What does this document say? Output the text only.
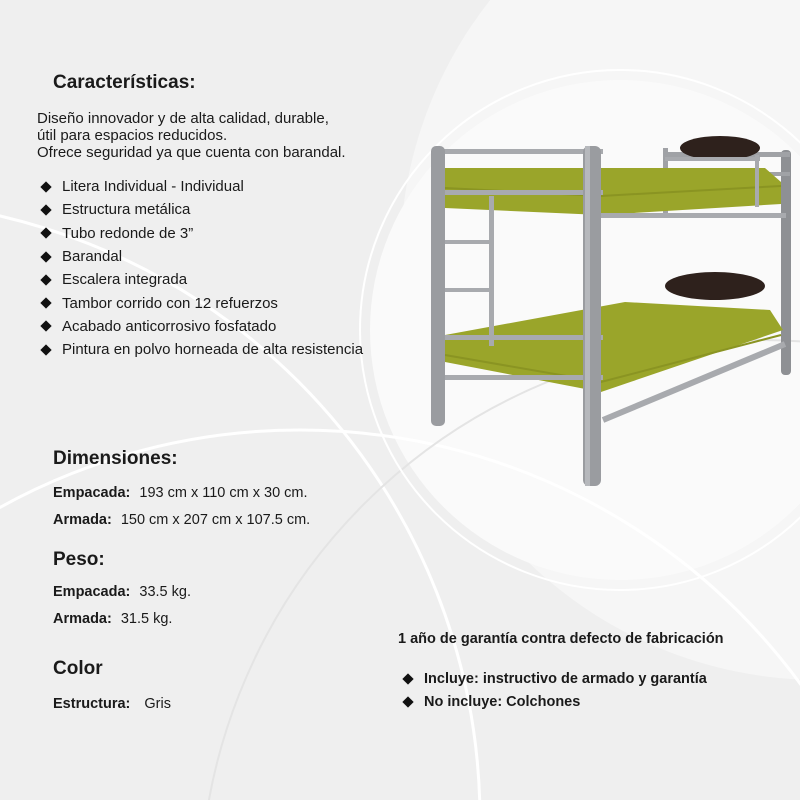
Características:
Diseño innovador y de alta calidad, durable,
útil para espacios reducidos.
Ofrece seguridad ya que cuenta con barandal.
Litera Individual - Individual
Estructura metálica
Tubo redonde de 3”
Barandal
Escalera integrada
Tambor corrido con 12 refuerzos
Acabado anticorrosivo fosfatado
Pintura en polvo horneada de alta resistencia
Dimensiones:
Empacada: 193 cm x 110 cm x 30 cm.
Armada: 150 cm x 207 cm x 107.5 cm.
Peso:
Empacada: 33.5 kg.
Armada: 31.5 kg.
Color
Estructura: Gris
1 año de garantía contra defecto de fabricación
Incluye: instructivo de armado y garantía
No incluye: Colchones
